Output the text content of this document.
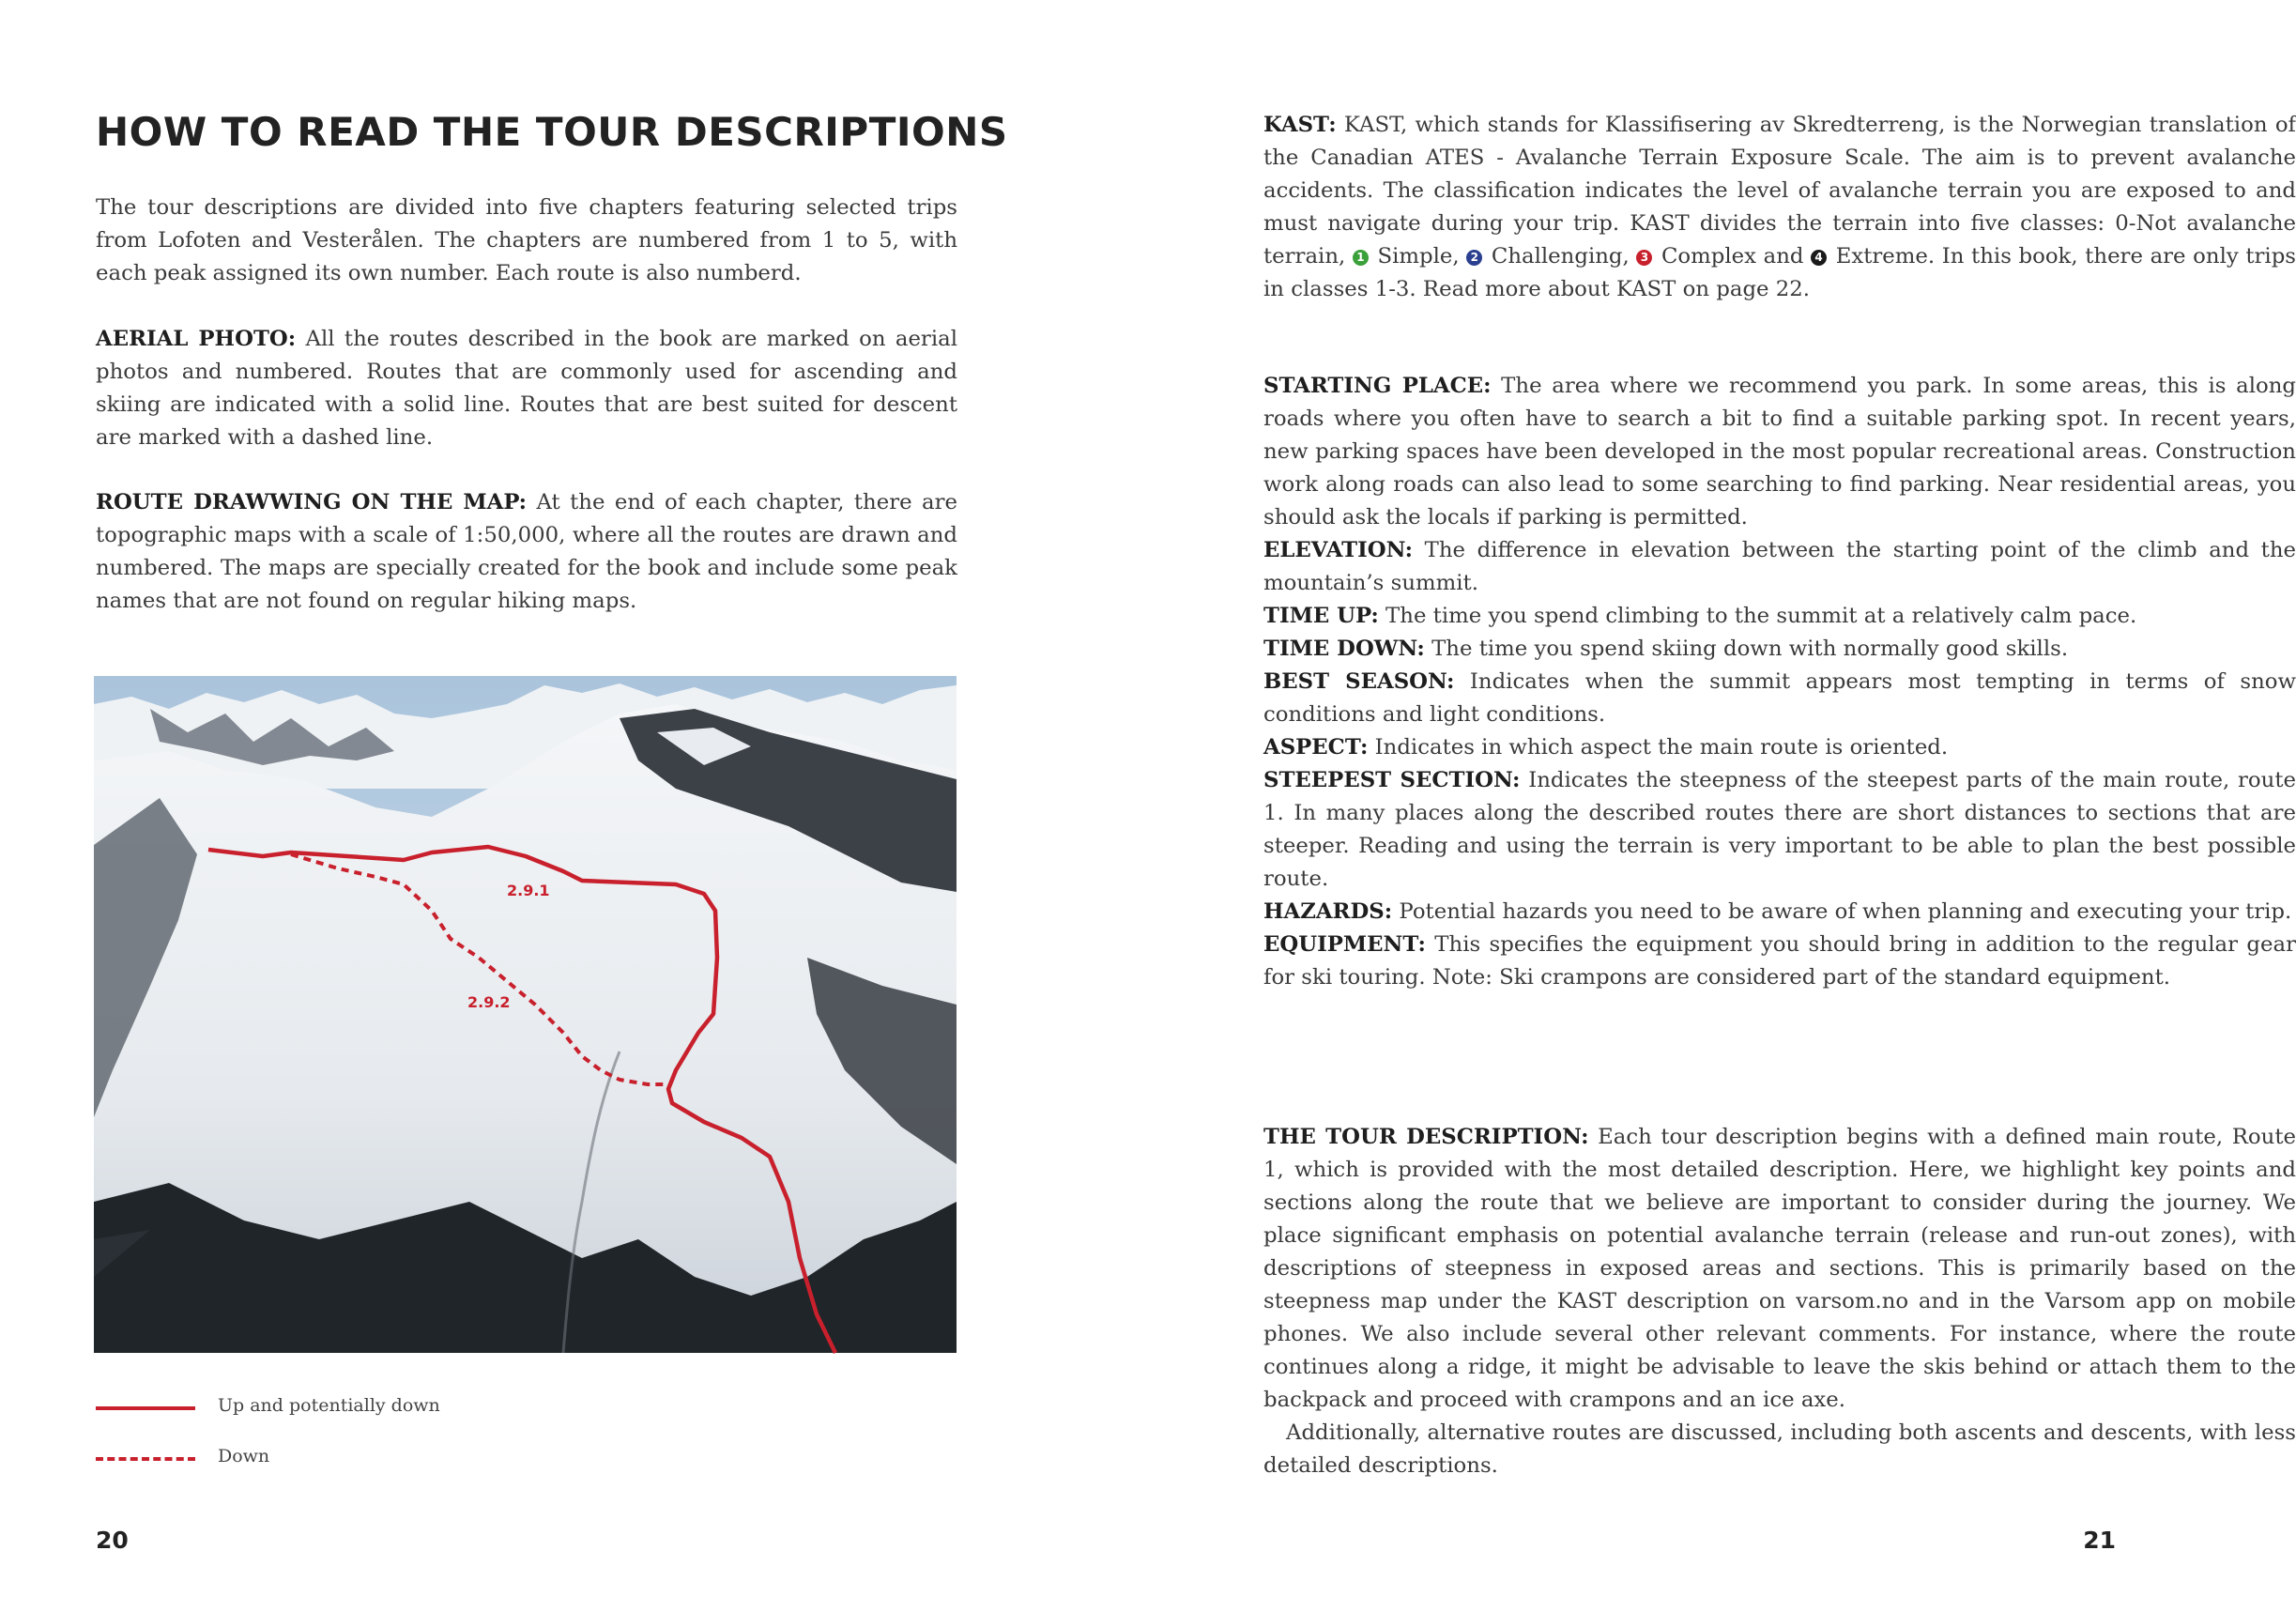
HOW TO READ THE TOUR DESCRIPTIONS

The tour descriptions are divided into five chapters featuring selected trips from Lofoten and Vesterålen. The chapters are numbered from 1 to 5, with each peak assigned its own number. Each route is also numberd.

AERIAL PHOTO: All the routes described in the book are marked on aerial photos and numbered. Routes that are commonly used for ascending and skiing are indicated with a solid line. Routes that are best suited for descent are marked with a dashed line.

ROUTE DRAWWING ON THE MAP: At the end of each chapter, there are topographic maps with a scale of 1:50,000, where all the routes are drawn and numbered. The maps are specially created for the book and include some peak names that are not found on regular hiking maps.

2.9.1
2.9.2
Up and potentially down
Down
20

KAST: KAST, which stands for Klassifisering av Skredterreng, is the Norwegian translation of the Canadian ATES - Avalanche Terrain Exposure Scale. The aim is to prevent avalanche accidents. The classification indicates the level of avalanche terrain you are exposed to and must navigate during your trip. KAST divides the terrain into five classes: 0-Not avalanche terrain, 1 Simple, 2 Challenging, 3 Complex and 4 Extreme. In this book, there are only trips in classes 1-3. Read more about KAST on page 22.

STARTING PLACE: The area where we recommend you park. In some areas, this is along roads where you often have to search a bit to find a suitable parking spot. In recent years, new parking spaces have been developed in the most popular recreational areas. Construction work along roads can also lead to some searching to find parking. Near residential areas, you should ask the locals if parking is permitted.
ELEVATION: The difference in elevation between the starting point of the climb and the mountain’s summit.
TIME UP: The time you spend climbing to the summit at a relatively calm pace.
TIME DOWN: The time you spend skiing down with normally good skills.
BEST SEASON: Indicates when the summit appears most tempting in terms of snow conditions and light conditions.
ASPECT: Indicates in which aspect the main route is oriented.
STEEPEST SECTION: Indicates the steepness of the steepest parts of the main route, route 1. In many places along the described routes there are short distances to sections that are steeper. Reading and using the terrain is very important to be able to plan the best possible route.
HAZARDS: Potential hazards you need to be aware of when planning and executing your trip.
EQUIPMENT: This specifies the equipment you should bring in addition to the regular gear for ski touring. Note: Ski crampons are considered part of the standard equipment.
THE TOUR DESCRIPTION: Each tour description begins with a defined main route, Route 1, which is provided with the most detailed description. Here, we highlight key points and sections along the route that we believe are important to consider during the journey. We place significant emphasis on potential avalanche terrain (release and run-out zones), with descriptions of steepness in exposed areas and sections. This is primarily based on the steepness map under the KAST description on varsom.no and in the Varsom app on mobile phones. We also include several other relevant comments. For instance, where the route continues along a ridge, it might be advisable to leave the skis behind or attach them to the backpack and proceed with crampons and an ice axe.
Additionally, alternative routes are discussed, including both ascents and descents, with less detailed descriptions.
21
